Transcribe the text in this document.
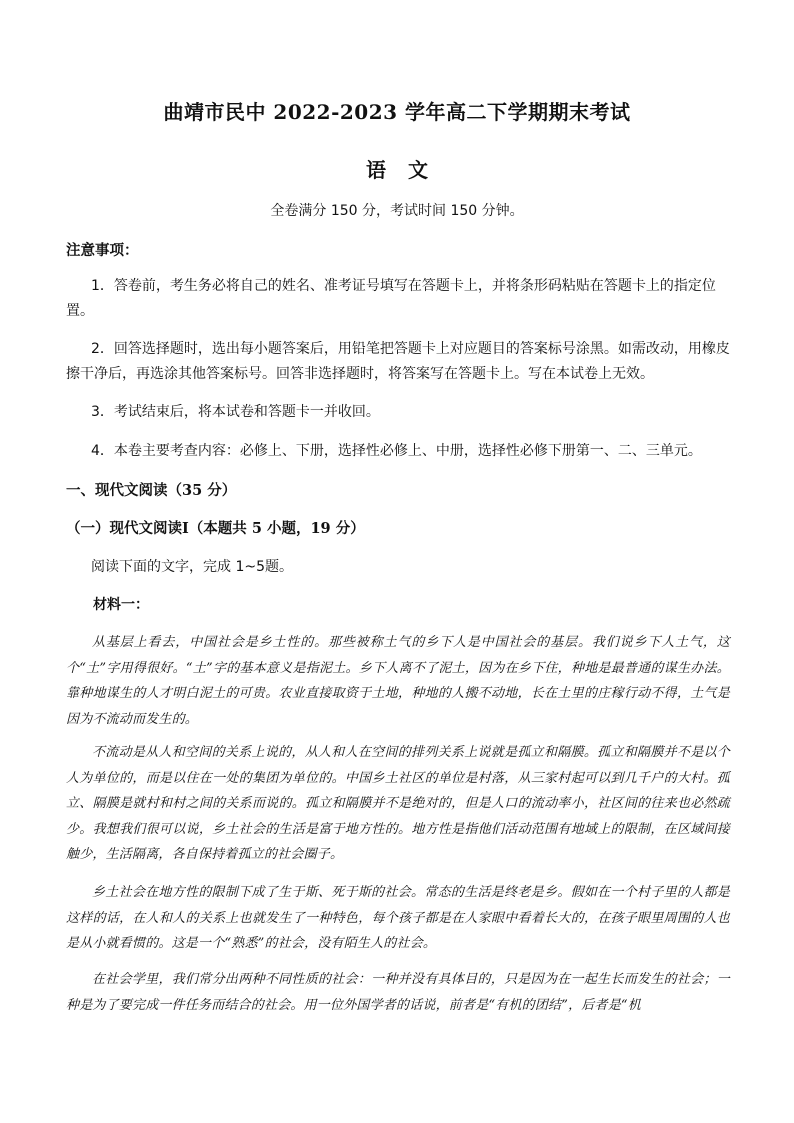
曲靖市民中 2022-2023 学年高二下学期期末考试
语文
全卷满分 150 分，考试时间 150 分钟。
注意事项：
1．答卷前，考生务必将自己的姓名、准考证号填写在答题卡上，并将条形码粘贴在答题卡上的指定位置。
2．回答选择题时，选出每小题答案后，用铅笔把答题卡上对应题目的答案标号涂黑。如需改动，用橡皮擦干净后，再选涂其他答案标号。回答非选择题时，将答案写在答题卡上。写在本试卷上无效。
3．考试结束后，将本试卷和答题卡一并收回。
4．本卷主要考查内容：必修上、下册，选择性必修上、中册，选择性必修下册第一、二、三单元。
一、现代文阅读（35 分）
（一）现代文阅读Ⅰ（本题共 5 小题，19 分）
阅读下面的文字，完成 1~5题。
材料一：
从基层上看去，中国社会是乡土性的。那些被称土气的乡下人是中国社会的基层。我们说乡下人土气，这个“土”字用得很好。“土”字的基本意义是指泥土。乡下人离不了泥土，因为在乡下住，种地是最普通的谋生办法。靠种地谋生的人才明白泥土的可贵。农业直接取资于土地，种地的人搬不动地，长在土里的庄稼行动不得，土气是因为不流动而发生的。
不流动是从人和空间的关系上说的，从人和人在空间的排列关系上说就是孤立和隔膜。孤立和隔膜并不是以个人为单位的，而是以住在一处的集团为单位的。中国乡土社区的单位是村落，从三家村起可以到几千户的大村。孤立、隔膜是就村和村之间的关系而说的。孤立和隔膜并不是绝对的，但是人口的流动率小，社区间的往来也必然疏少。我想我们很可以说，乡土社会的生活是富于地方性的。地方性是指他们活动范围有地域上的限制，在区域间接触少，生活隔离，各自保持着孤立的社会圈子。
乡土社会在地方性的限制下成了生于斯、死于斯的社会。常态的生活是终老是乡。假如在一个村子里的人都是这样的话，在人和人的关系上也就发生了一种特色，每个孩子都是在人家眼中看着长大的，在孩子眼里周围的人也是从小就看惯的。这是一个“熟悉”的社会，没有陌生人的社会。
在社会学里，我们常分出两种不同性质的社会：一种并没有具体目的，只是因为在一起生长而发生的社会；一种是为了要完成一件任务而结合的社会。用一位外国学者的话说，前者是“有机的团结”，后者是“机
